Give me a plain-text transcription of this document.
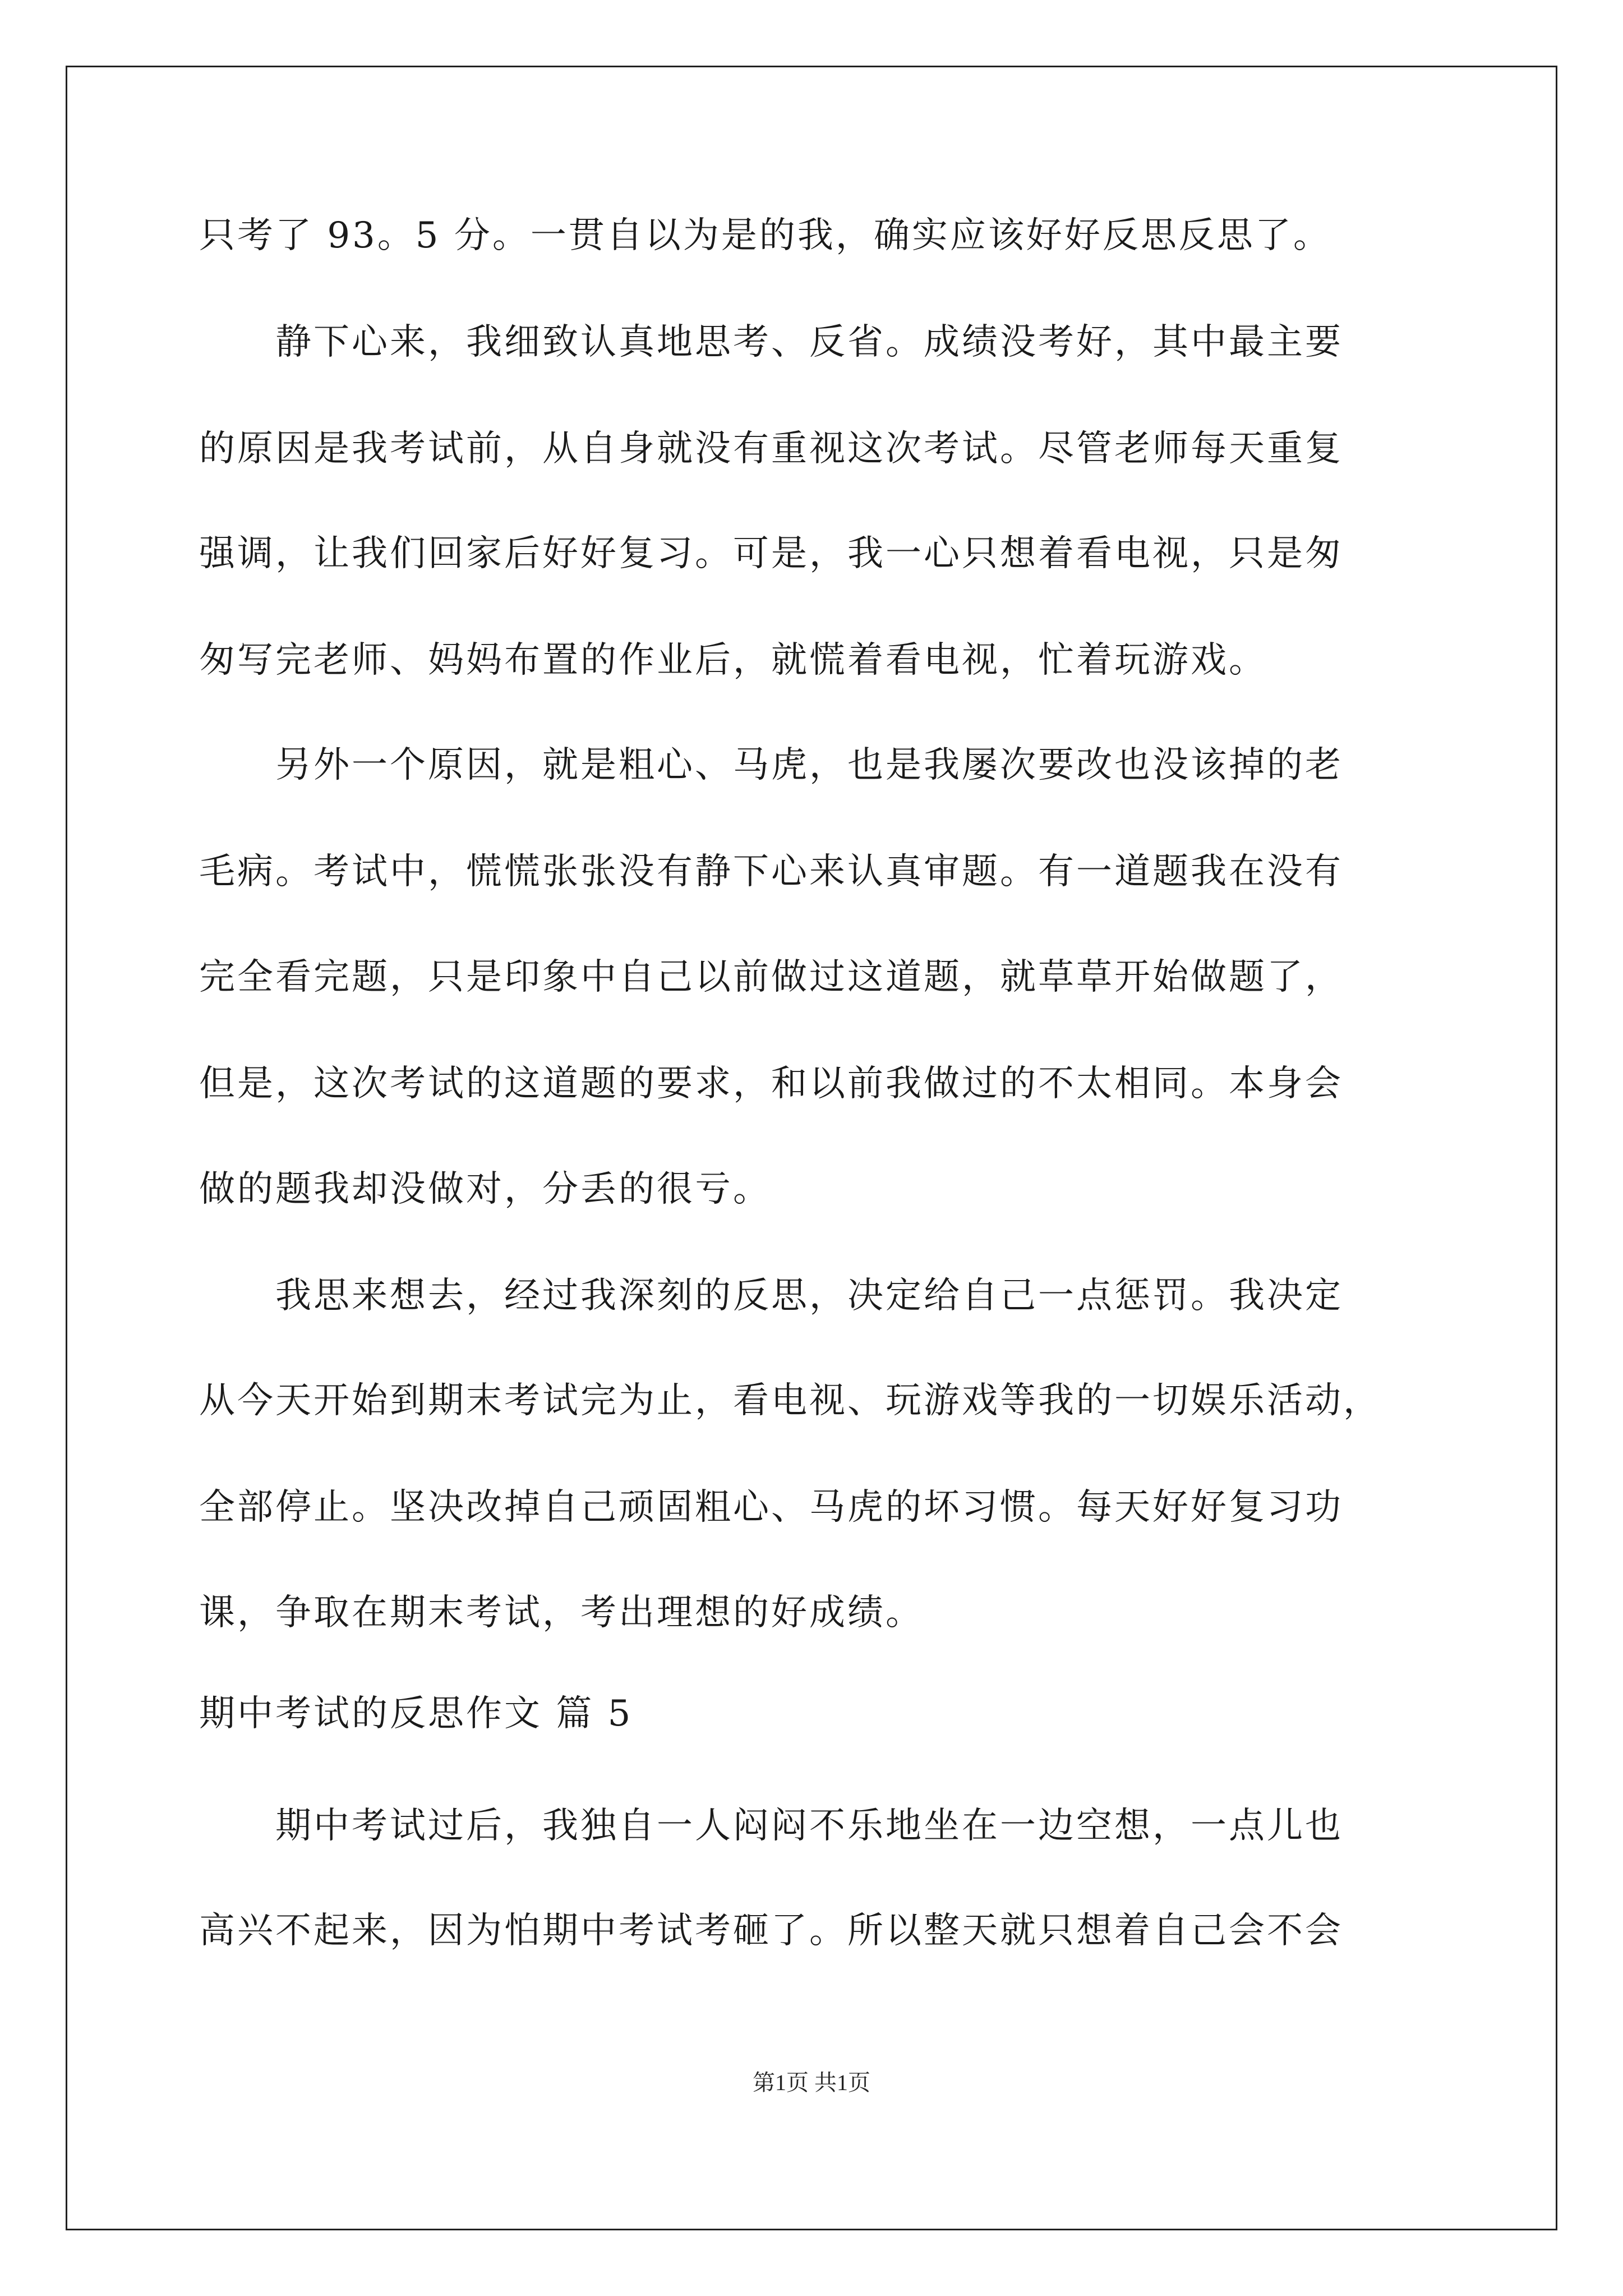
只考了 93。5 分。一贯自以为是的我，确实应该好好反思反思了。
　　静下心来，我细致认真地思考、反省。成绩没考好，其中最主要
的原因是我考试前，从自身就没有重视这次考试。尽管老师每天重复
强调，让我们回家后好好复习。可是，我一心只想着看电视，只是匆
匆写完老师、妈妈布置的作业后，就慌着看电视，忙着玩游戏。
　　另外一个原因，就是粗心、马虎，也是我屡次要改也没该掉的老
毛病。考试中，慌慌张张没有静下心来认真审题。有一道题我在没有
完全看完题，只是印象中自己以前做过这道题，就草草开始做题了，
但是，这次考试的这道题的要求，和以前我做过的不太相同。本身会
做的题我却没做对，分丢的很亏。
　　我思来想去，经过我深刻的反思，决定给自己一点惩罚。我决定
从今天开始到期末考试完为止，看电视、玩游戏等我的一切娱乐活动，
全部停止。坚决改掉自己顽固粗心、马虎的坏习惯。每天好好复习功
课，争取在期末考试，考出理想的好成绩。
期中考试的反思作文 篇 5
　　期中考试过后，我独自一人闷闷不乐地坐在一边空想，一点儿也
高兴不起来，因为怕期中考试考砸了。所以整天就只想着自己会不会
第1页 共1页
